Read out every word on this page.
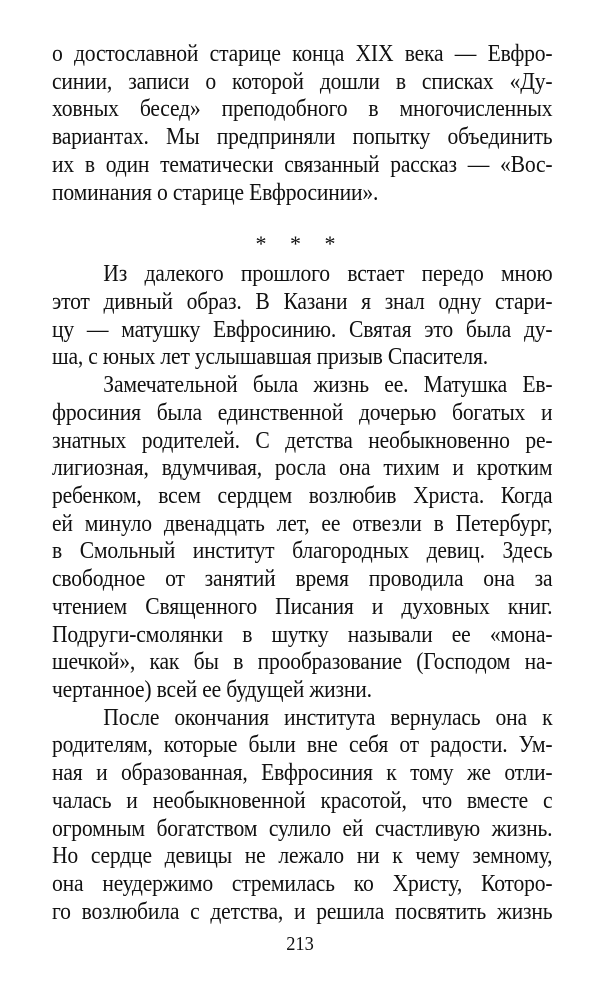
о достославной старице конца XIX века — Евфро-
синии, записи о которой дошли в списках «Ду-
ховных бесед» преподобного в многочисленных
вариантах. Мы предприняли попытку объединить
их в один тематически связанный рассказ — «Вос-
поминания о старице Евфросинии».
Из далекого прошлого встает передо мною
этот дивный образ. В Казани я знал одну стари-
цу — матушку Евфросинию. Святая это была ду-
ша, с юных лет услышавшая призыв Спасителя.
Замечательной была жизнь ее. Матушка Ев-
фросиния была единственной дочерью богатых и
знатных родителей. С детства необыкновенно ре-
лигиозная, вдумчивая, росла она тихим и кротким
ребенком, всем сердцем возлюбив Христа. Когда
ей минуло двенадцать лет, ее отвезли в Петербург,
в Смольный институт благородных девиц. Здесь
свободное от занятий время проводила она за
чтением Священного Писания и духовных книг.
Подруги-смолянки в шутку называли ее «мона-
шечкой», как бы в прообразование (Господом на-
чертанное) всей ее будущей жизни.
После окончания института вернулась она к
родителям, которые были вне себя от радости. Ум-
ная и образованная, Евфросиния к тому же отли-
чалась и необыкновенной красотой, что вместе с
огромным богатством сулило ей счастливую жизнь.
Но сердце девицы не лежало ни к чему земному,
она неудержимо стремилась ко Христу, Которо-
го возлюбила с детства, и решила посвятить жизнь
* * *
213
